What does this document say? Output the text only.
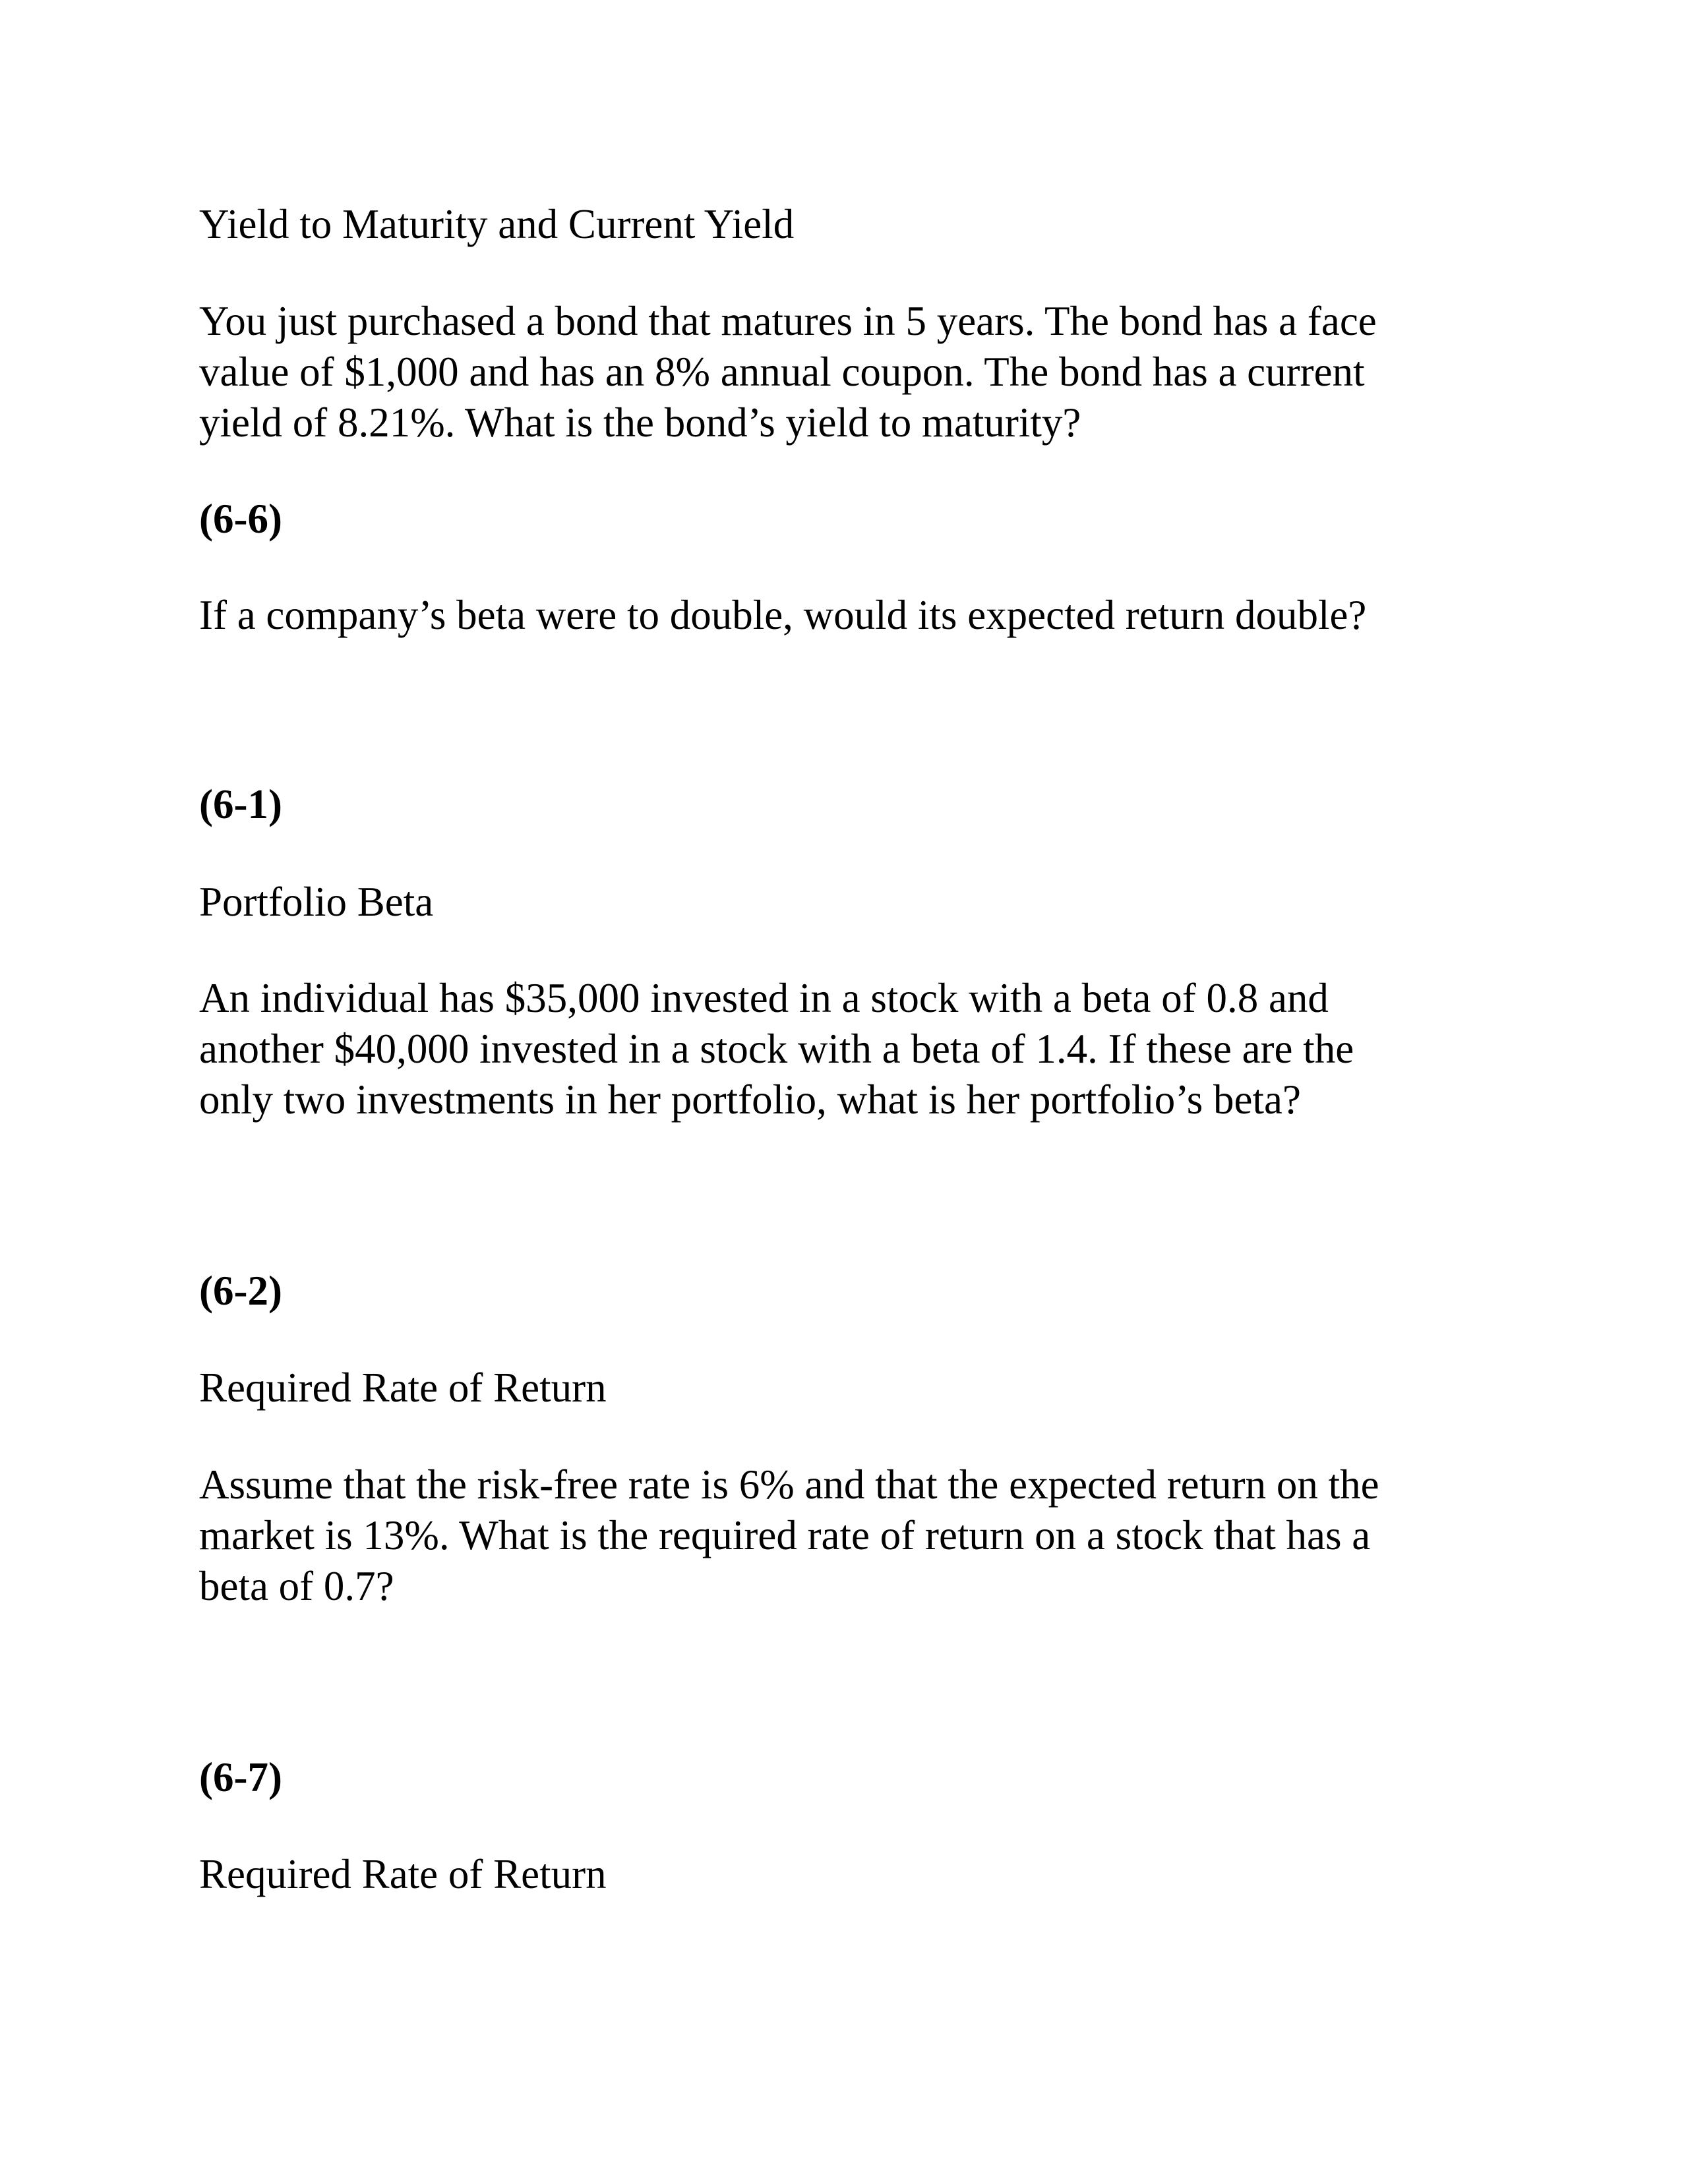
Yield to Maturity and Current Yield

You just purchased a bond that matures in 5 years. The bond has a face

value of $1,000 and has an 8% annual coupon. The bond has a current

yield of 8.21%. What is the bond’s yield to maturity?

(6-6)

If a company’s beta were to double, would its expected return double?

(6-1)

Portfolio Beta

An individual has $35,000 invested in a stock with a beta of 0.8 and

another $40,000 invested in a stock with a beta of 1.4. If these are the

only two investments in her portfolio, what is her portfolio’s beta?

(6-2)

Required Rate of Return

Assume that the risk-free rate is 6% and that the expected return on the

market is 13%. What is the required rate of return on a stock that has a

beta of 0.7?

(6-7)

Required Rate of Return
